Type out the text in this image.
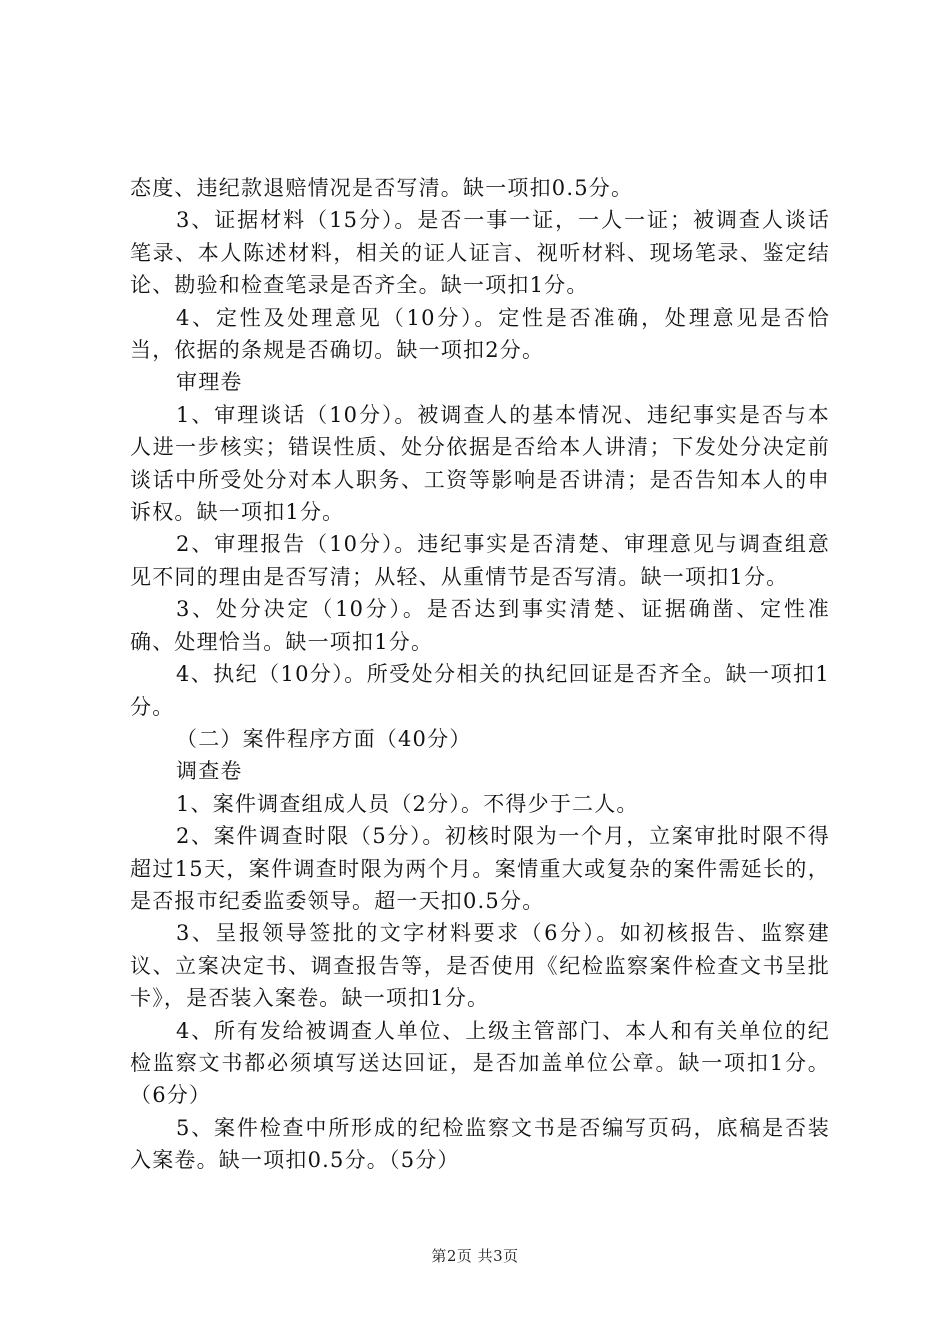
态度、违纪款退赔情况是否写清。缺一项扣0.5分。

3、证据材料（15分）。是否一事一证，一人一证；被调查人谈话笔录、本人陈述材料，相关的证人证言、视听材料、现场笔录、鉴定结论、勘验和检查笔录是否齐全。缺一项扣1分。

4、定性及处理意见（10分）。定性是否准确，处理意见是否恰当，依据的条规是否确切。缺一项扣2分。

审理卷

1、审理谈话（10分）。被调查人的基本情况、违纪事实是否与本人进一步核实；错误性质、处分依据是否给本人讲清；下发处分决定前谈话中所受处分对本人职务、工资等影响是否讲清；是否告知本人的申诉权。缺一项扣1分。

2、审理报告（10分）。违纪事实是否清楚、审理意见与调查组意见不同的理由是否写清；从轻、从重情节是否写清。缺一项扣1分。

3、处分决定（10分）。是否达到事实清楚、证据确凿、定性准确、处理恰当。缺一项扣1分。

4、执纪（10分）。所受处分相关的执纪回证是否齐全。缺一项扣1分。

（二）案件程序方面（40分）

调查卷

1、案件调查组成人员（2分）。不得少于二人。

2、案件调查时限（5分）。初核时限为一个月，立案审批时限不得超过15天，案件调查时限为两个月。案情重大或复杂的案件需延长的，是否报市纪委监委领导。超一天扣0.5分。

3、呈报领导签批的文字材料要求（6分）。如初核报告、监察建议、立案决定书、调查报告等，是否使用《纪检监察案件检查文书呈批卡》，是否装入案卷。缺一项扣1分。

4、所有发给被调查人单位、上级主管部门、本人和有关单位的纪检监察文书都必须填写送达回证，是否加盖单位公章。缺一项扣1分。（6分）

5、案件检查中所形成的纪检监察文书是否编写页码，底稿是否装入案卷。缺一项扣0.5分。（5分）

第2页 共3页
